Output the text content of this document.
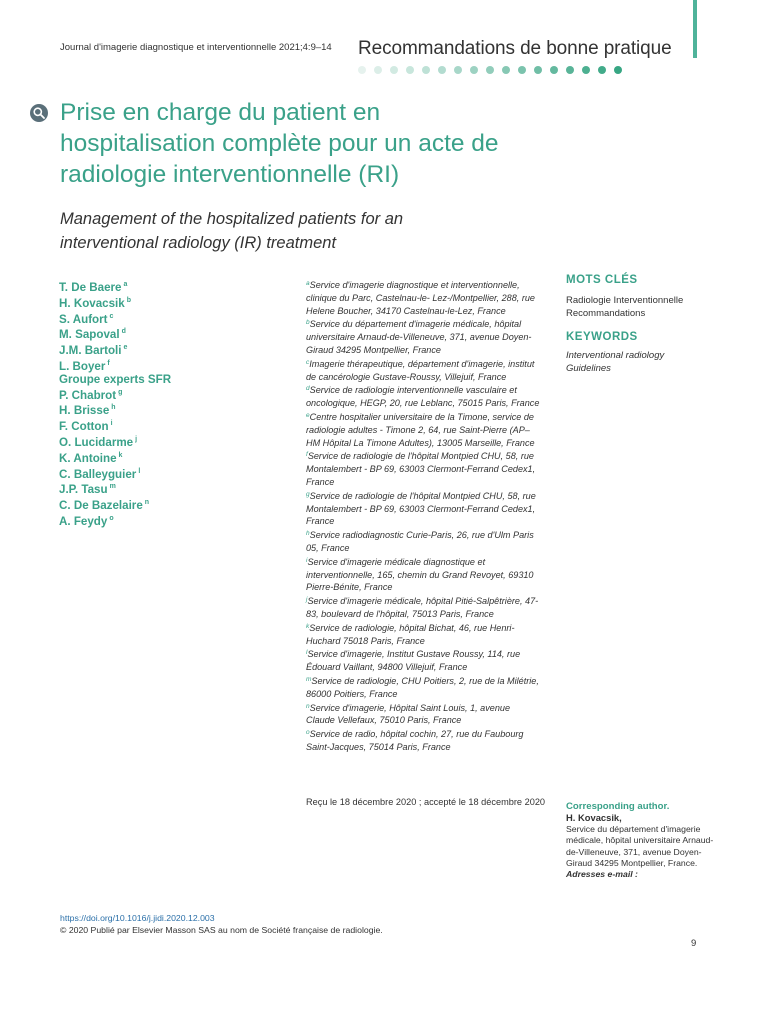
Journal d'imagerie diagnostique et interventionnelle 2021;4:9–14 Recommandations de bonne pratique
Prise en charge du patient en hospitalisation complète pour un acte de radiologie interventionnelle (RI)
Management of the hospitalized patients for an interventional radiology (IR) treatment
T. De Baere $^a$
H. Kovacsik $^b$
S. Aufort $^c$
M. Sapoval $^d$
J.M. Bartoli $^e$
L. Boyer $^f$
Groupe experts SFR
P. Chabrot $^g$
H. Brisse $^h$
F. Cotton $^i$
O. Lucidarme $^j$
K. Antoine $^k$
C. Balleyguier $^l$
J.P. Tasu $^m$
C. De Bazelaire $^n$
A. Feydy $^o$
$^a$Service d'imagerie diagnostique et interventionnelle, clinique du Parc, Castelnau-le- Lez-/Montpellier, 288, rue Helene Boucher, 34170 Castelnau-le-Lez, France
$^b$Service du département d'imagerie médicale, hôpital universitaire Arnaud-de-Villeneuve, 371, avenue Doyen-Giraud 34295 Montpellier, France
$^c$Imagerie thérapeutique, département d'imagerie, institut de cancérologie Gustave-Roussy, Villejuif, France
$^d$Service de radiologie interventionnelle vasculaire et oncologique, HEGP, 20, rue Leblanc, 75015 Paris, France
$^e$Centre hospitalier universitaire de la Timone, service de radiologie adultes - Timone 2, 64, rue Saint-Pierre (AP–HM Hôpital La Timone Adultes), 13005 Marseille, France
$^f$Service de radiologie de l'hôpital Montpied CHU, 58, rue Montalembert - BP 69, 63003 Clermont-Ferrand Cedex1, France
$^g$Service de radiologie de l'hôpital Montpied CHU, 58, rue Montalembert - BP 69, 63003 Clermont-Ferrand Cedex1, France
$^h$Service radiodiagnostic Curie-Paris, 26, rue d'Ulm Paris 05, France
$^i$Service d'imagerie médicale diagnostique et interventionnelle, 165, chemin du Grand Revoyet, 69310 Pierre-Bénite, France
$^j$Service d'imagerie médicale, hôpital Pitié-Salpêtrière, 47-83, boulevard de l'hôpital, 75013 Paris, France
$^k$Service de radiologie, hôpital Bichat, 46, rue Henri-Huchard 75018 Paris, France
$^l$Service d'imagerie, Institut Gustave Roussy, 114, rue Édouard Vaillant, 94800 Villejuif, France
$^m$Service de radiologie, CHU Poitiers, 2, rue de la Milétrie, 86000 Poitiers, France
$^n$Service d'imagerie, Hôpital Saint Louis, 1, avenue Claude Vellefaux, 75010 Paris, France
$^o$Service de radio, hôpital cochin, 27, rue du Faubourg Saint-Jacques, 75014 Paris, France
Reçu le 18 décembre 2020 ; accepté le 18 décembre 2020
MOTS CLÉS
Radiologie Interventionnelle
Recommandations
KEYWORDS
Interventional radiology
Guidelines
Corresponding author.
H. Kovacsik,
Service du département d'imagerie médicale, hôpital universitaire Arnaud-de-Villeneuve, 371, avenue Doyen-Giraud 34295 Montpellier, France.
Adresses e-mail :
https://doi.org/10.1016/j.jidi.2020.12.003
© 2020 Publié par Elsevier Masson SAS au nom de Société française de radiologie.
9
